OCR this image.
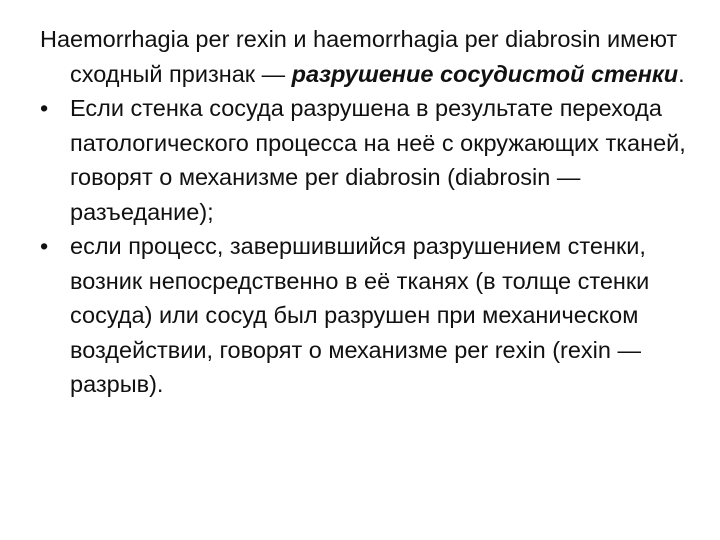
Haemorrhagia per rexin и haemorrhagia per diabrosin имеют сходный признак — разрушение сосудистой стенки.

• Если стенка сосуда разрушена в результате перехода патологического процесса на неё с окружающих тканей, говорят о механизме per diabrosin (diabrosin — разъедание);
• если процесс, завершившийся разрушением стенки, возник непосредственно в её тканях (в толще стенки сосуда) или сосуд был разрушен при механическом воздействии, говорят о механизме per rexin (rexin — разрыв).
